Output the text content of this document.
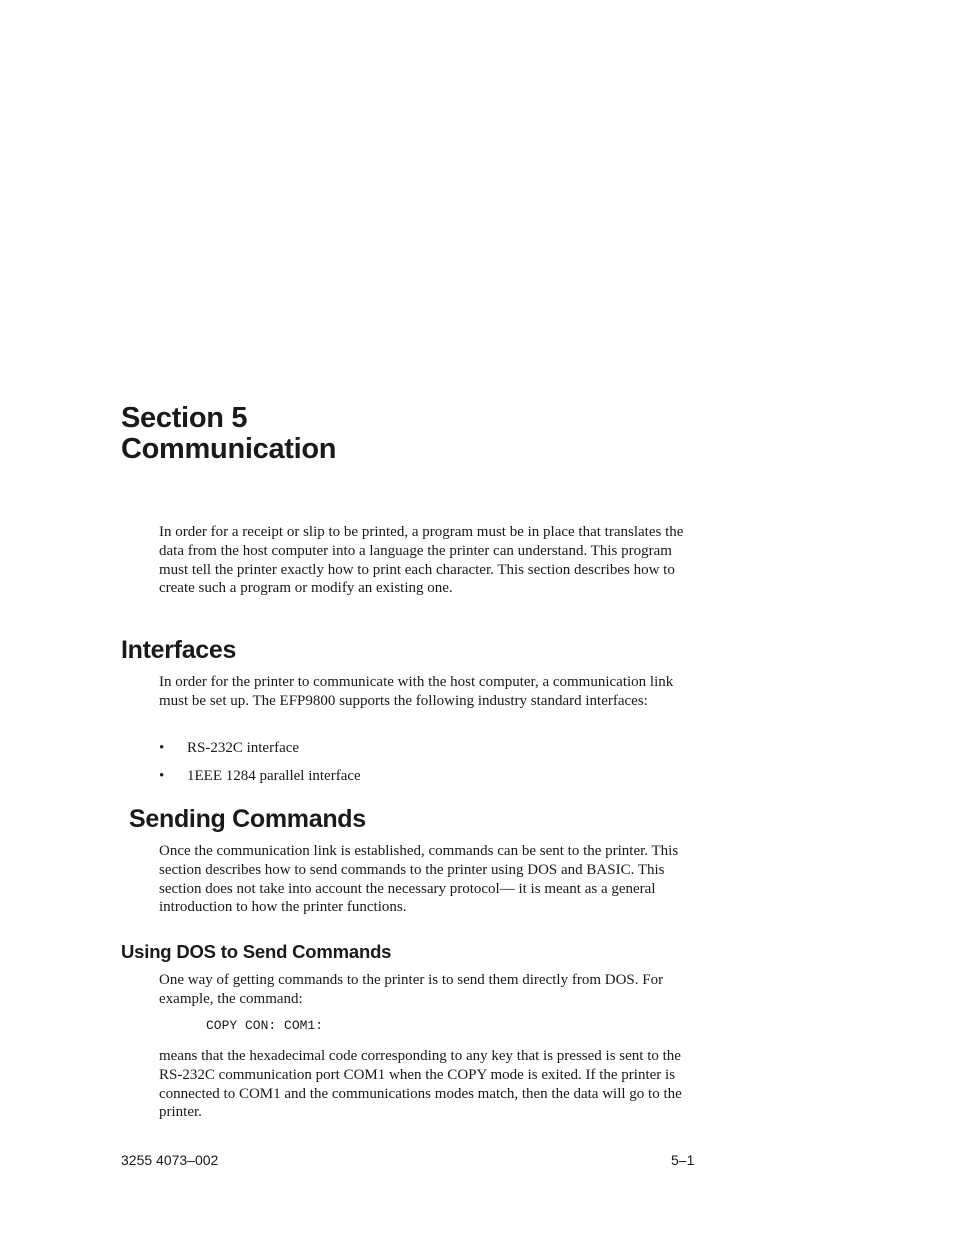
Section 5
Communication

In order for a receipt or slip to be printed, a program must be in place that translates the data from the host computer into a language the printer can understand. This program must tell the printer exactly how to print each character. This section describes how to create such a program or modify an existing one.

Interfaces

In order for the printer to communicate with the host computer, a communication link must be set up. The EFP9800 supports the following industry standard interfaces:

• RS-232C interface
• 1EEE 1284 parallel interface
Sending Commands

Once the communication link is established, commands can be sent to the printer. This section describes how to send commands to the printer using DOS and BASIC. This section does not take into account the necessary protocol— it is meant as a general introduction to how the printer functions.

Using DOS to Send Commands

One way of getting commands to the printer is to send them directly from DOS. For example, the command:

COPY CON: COM1:

means that the hexadecimal code corresponding to any key that is pressed is sent to the RS-232C communication port COM1 when the COPY mode is exited. If the printer is connected to COM1 and the communications modes match, then the data will go to the printer.

3255 4073–002	5–1
